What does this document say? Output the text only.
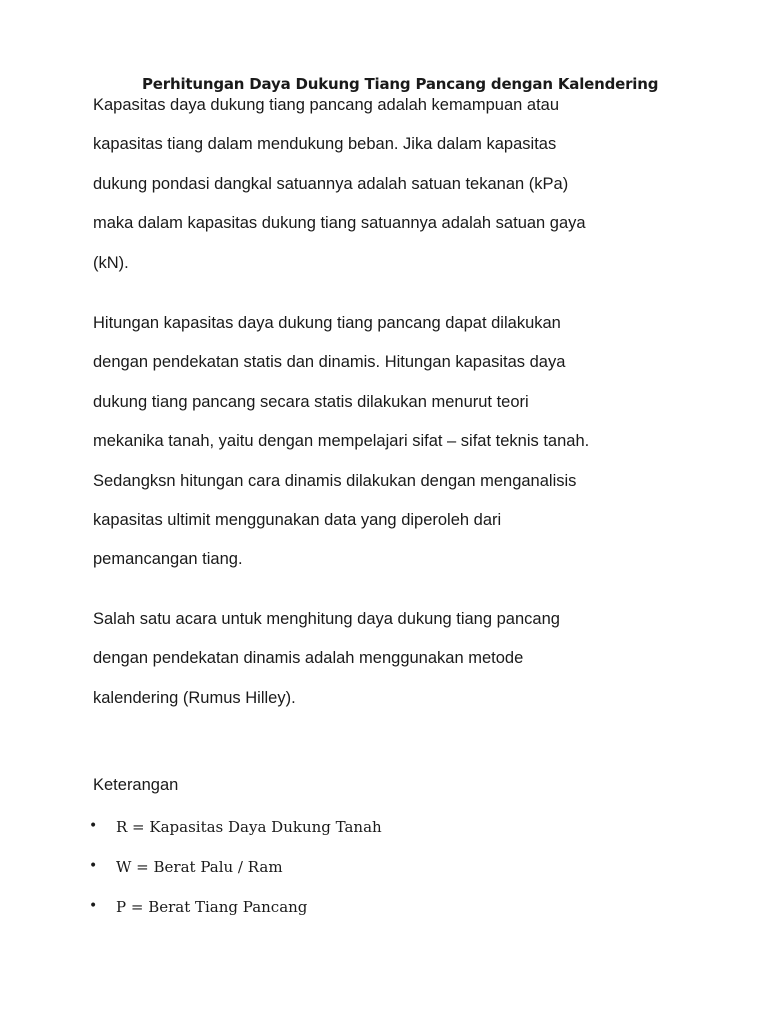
Perhitungan Daya Dukung Tiang Pancang dengan Kalendering
Kapasitas daya dukung tiang pancang adalah kemampuan atau
kapasitas tiang dalam mendukung beban. Jika dalam kapasitas
dukung pondasi dangkal satuannya adalah satuan tekanan (kPa)
maka dalam kapasitas dukung tiang satuannya adalah satuan gaya
(kN).
Hitungan kapasitas daya dukung tiang pancang dapat dilakukan
dengan pendekatan statis dan dinamis. Hitungan kapasitas daya
dukung tiang pancang secara statis dilakukan menurut teori
mekanika tanah, yaitu dengan mempelajari sifat – sifat teknis tanah.
Sedangksn hitungan cara dinamis dilakukan dengan menganalisis
kapasitas ultimit menggunakan data yang diperoleh dari
pemancangan tiang.
Salah satu acara untuk menghitung daya dukung tiang pancang
dengan pendekatan dinamis adalah menggunakan metode
kalendering (Rumus Hilley).
Keterangan
• R = Kapasitas Daya Dukung Tanah
• W = Berat Palu / Ram
• P = Berat Tiang Pancang
